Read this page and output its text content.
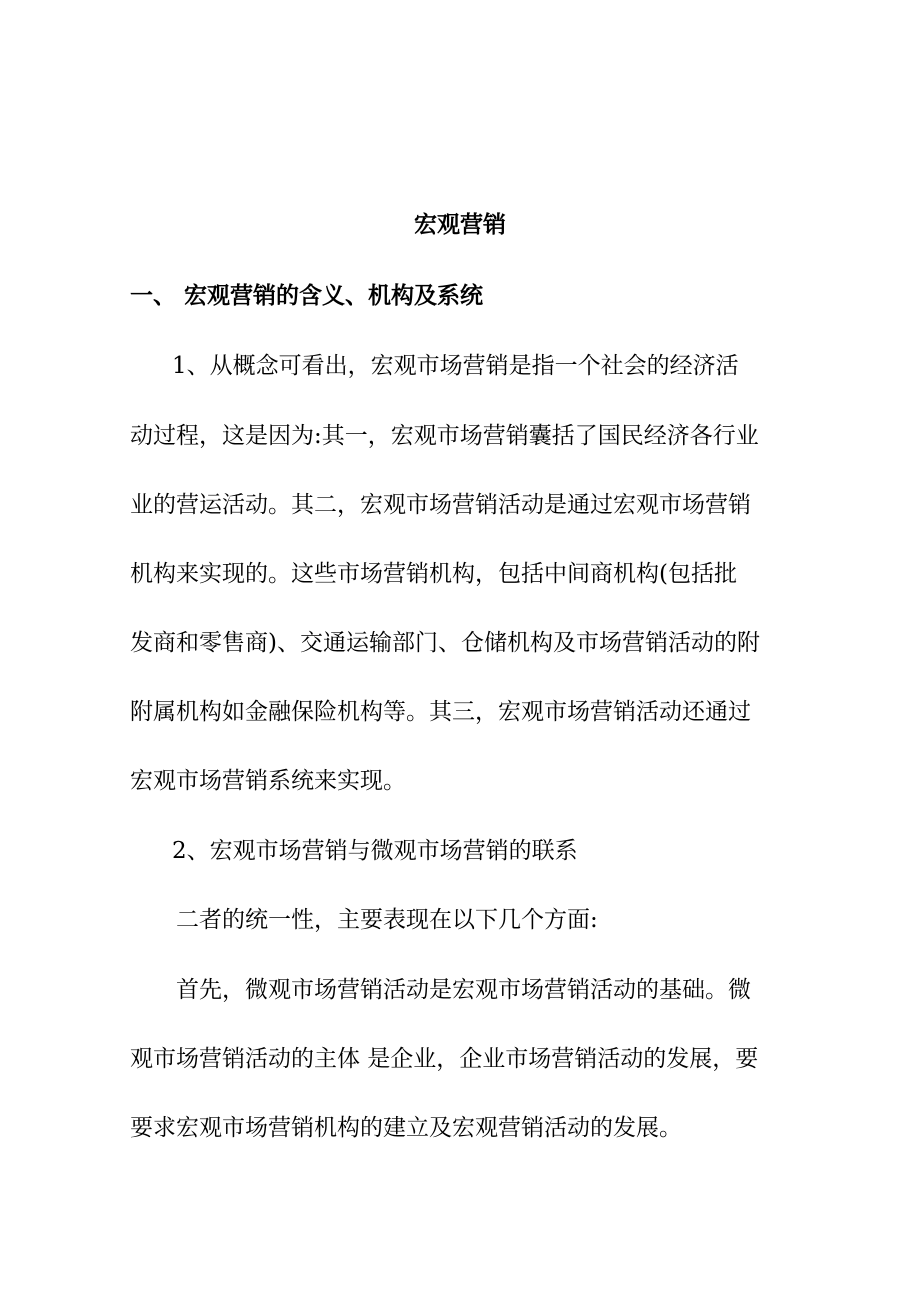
宏观营销
一、 宏观营销的含义、机构及系统
1、从概念可看出，宏观市场营销是指一个社会的经济活
动过程，这是因为:其一，宏观市场营销囊括了国民经济各行业
业的营运活动。其二，宏观市场营销活动是通过宏观市场营销
机构来实现的。这些市场营销机构，包括中间商机构(包括批
发商和零售商)、交通运输部门、仓储机构及市场营销活动的附
附属机构如金融保险机构等。其三，宏观市场营销活动还通过
宏观市场营销系统来实现。
2、宏观市场营销与微观市场营销的联系
二者的统一性，主要表现在以下几个方面:
首先，微观市场营销活动是宏观市场营销活动的基础。微
观市场营销活动的主体 是企业，企业市场营销活动的发展，要
要求宏观市场营销机构的建立及宏观营销活动的发展。
